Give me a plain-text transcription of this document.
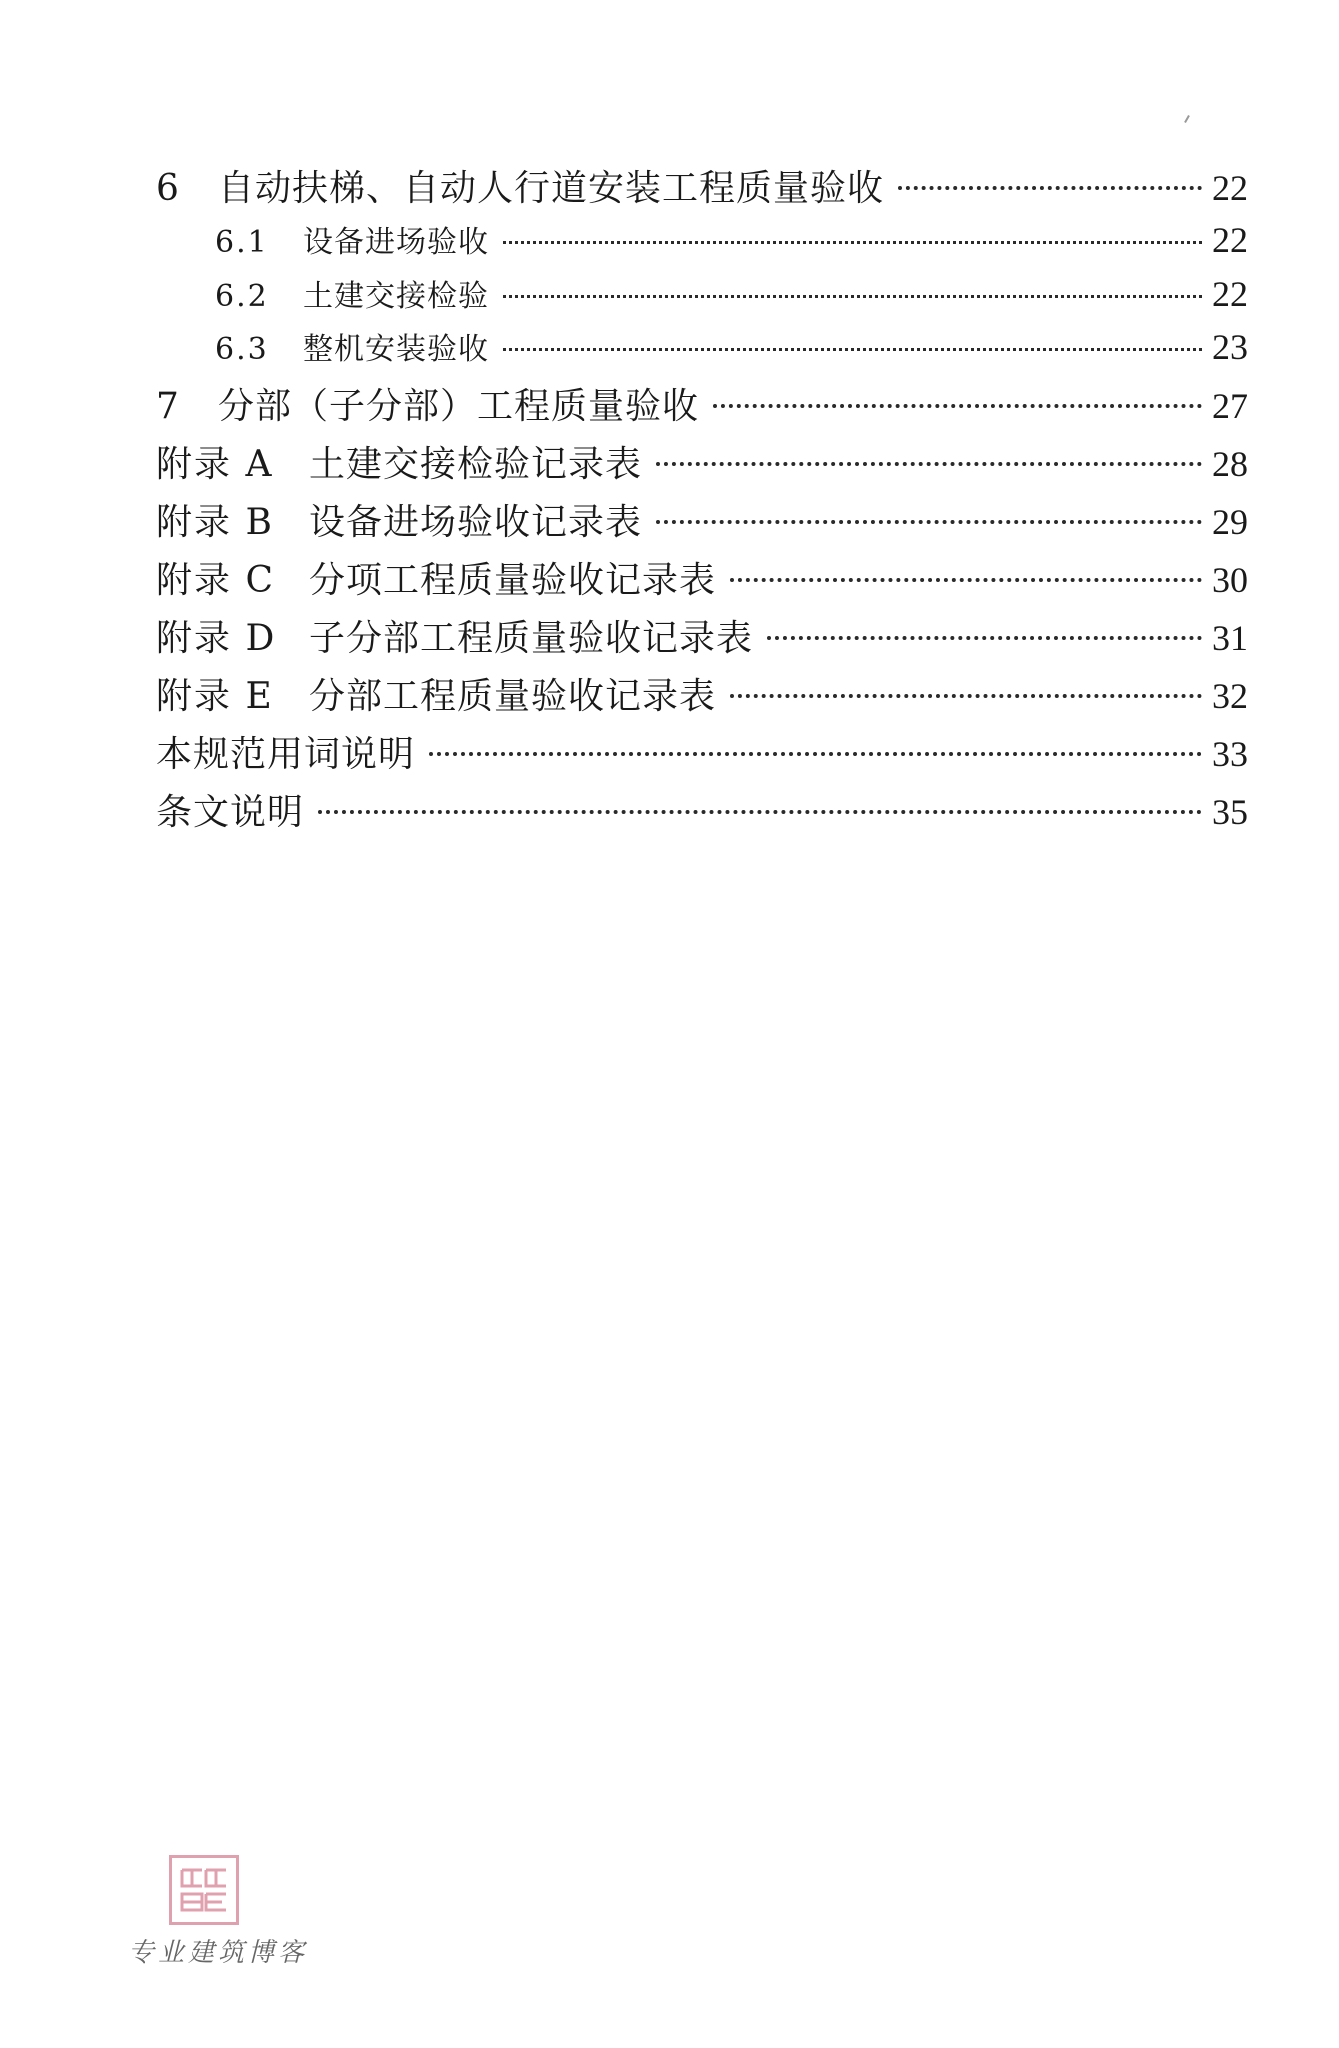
6	自动扶梯、自动人行道安装工程质量验收	22
6.1	设备进场验收	22
6.2	土建交接检验	22
6.3	整机安装验收	23
7	分部（子分部）工程质量验收	27
附录 A 土建交接检验记录表	28
附录 B 设备进场验收记录表	29
附录 C 分项工程质量验收记录表	30
附录 D 子分部工程质量验收记录表	31
附录 E 分部工程质量验收记录表	32
本规范用词说明	33
条文说明	35
专业建筑博客
